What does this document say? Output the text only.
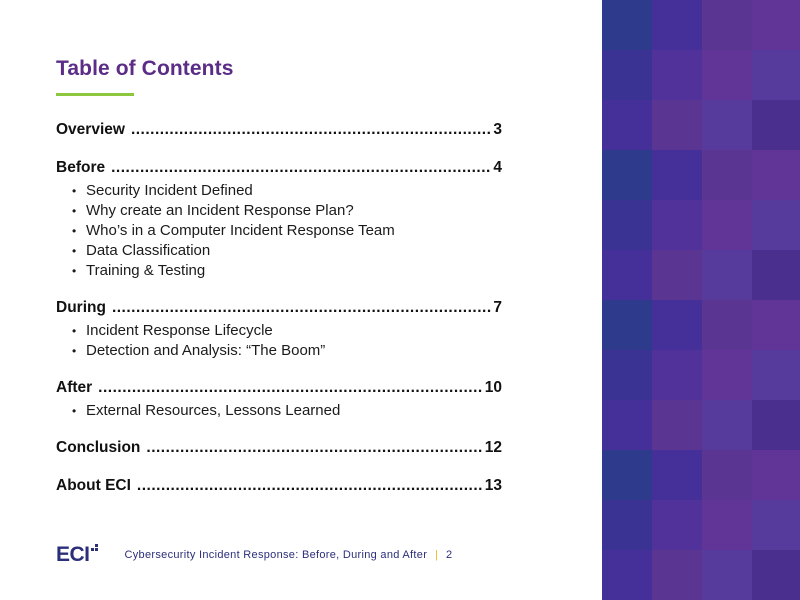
Table of Contents
Overview .....	3
Before .....	4
• Security Incident Defined
• Why create an Incident Response Plan?
• Who’s in a Computer Incident Response Team
• Data Classification
• Training & Testing
During .....	7
• Incident Response Lifecycle
• Detection and Analysis: “The Boom”
After .....	10
• External Resources, Lessons Learned
Conclusion .....	12
About ECI .....	13
ECI	Cybersecurity Incident Response: Before, During and After | 2
